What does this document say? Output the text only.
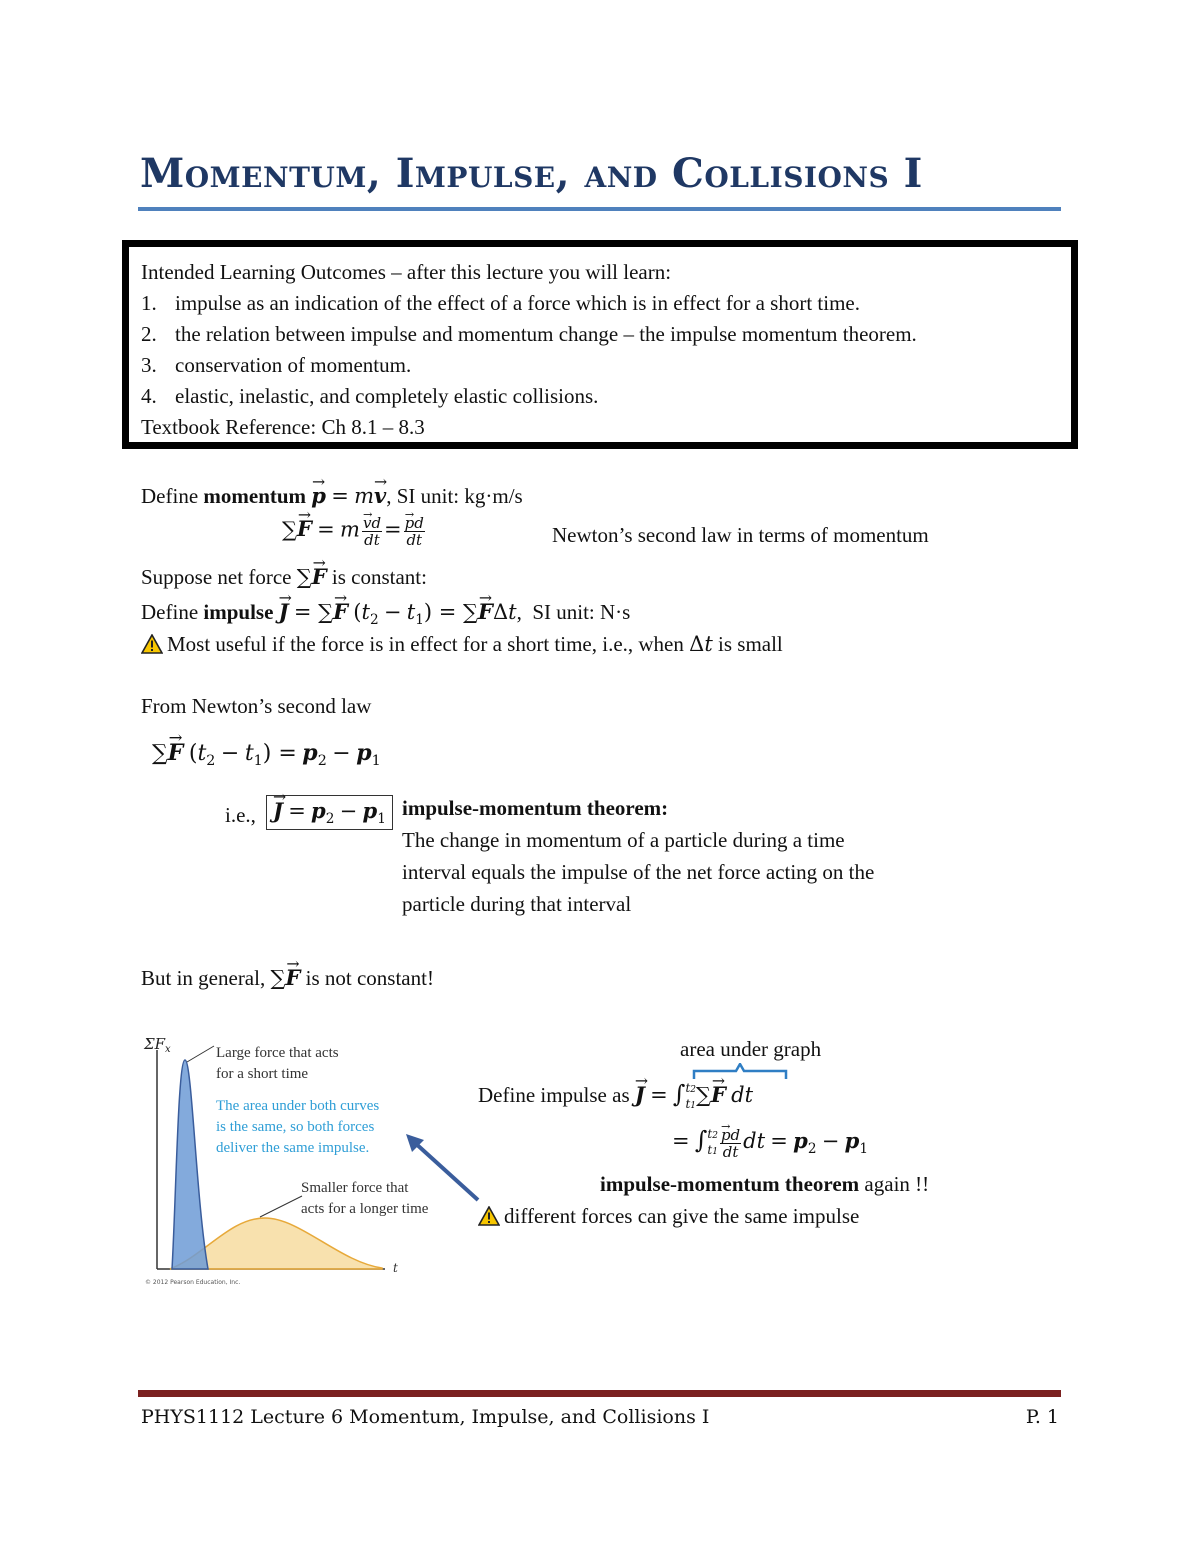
Momentum, Impulse, and Collisions I
Intended Learning Outcomes – after this lecture you will learn:
1. impulse as an indication of the effect of a force which is in effect for a short time.
2. the relation between impulse and momentum change – the impulse momentum theorem.
3. conservation of momentum.
4. elastic, inelastic, and completely elastic collisions.
Textbook Reference: Ch 8.1 – 8.3
Define momentum → p = m→ v, SI unit: kg·m/s
∑→ F = m
→ $\frac{vd}{dt}$ =
→ $\frac{pd}{dt}$	Newton’s second law in terms of momentum
Suppose net force ∑→ F is constant:
Define impulse → J = ∑→ F $(t_2 - t_1)$ = ∑→ FΔt,  SI unit: N·s
Most useful if the force is in effect for a short time, i.e., when Δt is small
From Newton’s second law
∑→ F $(t_2 - t_1) = p_2 - p_1$
i.e.,
→ $J = p_2 - p_1$ impulse-momentum theorem:
The change in momentum of a particle during a time
interval equals the impulse of the net force acting on the
particle during that interval
But in general, ∑→ F is not constant!
$\Sigma F_x$
t
© 2012 Pearson Education, Inc.
Large force that acts
for a short time
The area under both curves
is the same, so both forces
deliver the same impulse.
Smaller force that
acts for a longer time
area under graph
Define impulse as → J = ∫ t2
t1 ∑→ F dt
= ∫ t2
t1
→ $\frac{pd}{dt}$ dt = $p_2 - p_1$
impulse-momentum theorem again !!
different forces can give the same impulse
PHYS1112 Lecture 6 Momentum, Impulse, and Collisions I	P. 1
